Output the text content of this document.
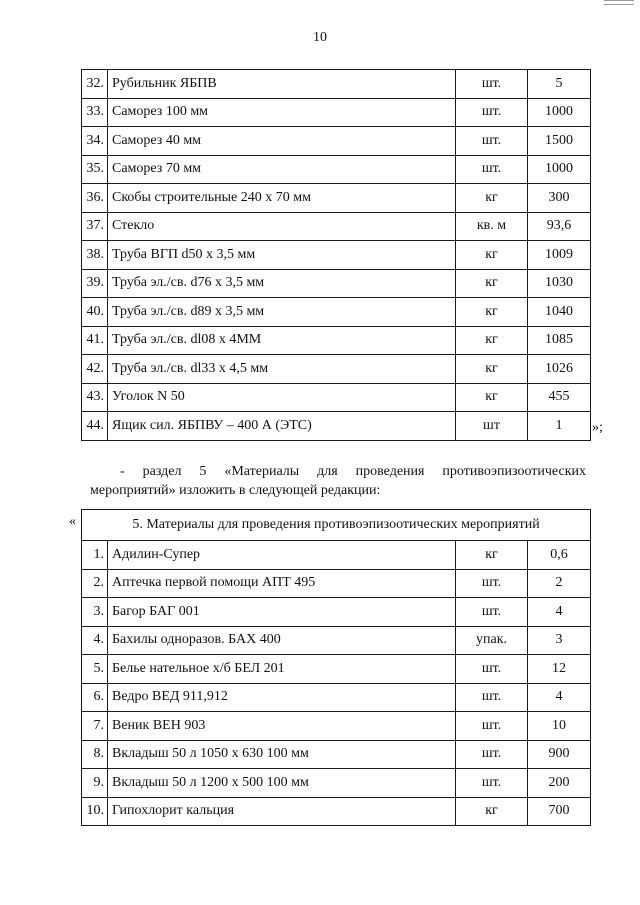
10
32.	Рубильник ЯБПВ	шт.	5
33.	Саморез 100 мм	шт.	1000
34.	Саморез 40 мм	шт.	1500
35.	Саморез 70 мм	шт.	1000
36.	Скобы строительные 240 х 70 мм	кг	300
37.	Стекло	кв. м	93,6
38.	Труба ВГП d50 х 3,5 мм	кг	1009
39.	Труба эл./св. d76 х 3,5 мм	кг	1030
40.	Труба эл./св. d89 х 3,5 мм	кг	1040
41.	Труба эл./св. dl08 х 4ММ	кг	1085
42.	Труба эл./св. dl33 х 4,5 мм	кг	1026
43.	Уголок N 50	кг	455
44.	Ящик сил. ЯБПВУ – 400 А (ЭТС)	шт	1 »;
- раздел 5 «Материалы для проведения противоэпизоотических
мероприятий» изложить в следующей редакции:
«	5. Материалы для проведения противоэпизоотических мероприятий			
1.	Адилин-Супер	кг	0,6
2.	Аптечка первой помощи АПТ 495	шт.	2
3.	Багор БАГ 001	шт.	4
4.	Бахилы одноразов. БАХ 400	упак.	3
5.	Белье нательное х/б БЕЛ 201	шт.	12
6.	Ведро ВЕД 911,912	шт.	4
7.	Веник ВЕН 903	шт.	10
8.	Вкладыш 50 л 1050 х 630 100 мм	шт.	900
9.	Вкладыш 50 л 1200 х 500 100 мм	шт.	200
10.	Гипохлорит кальция	кг	700
